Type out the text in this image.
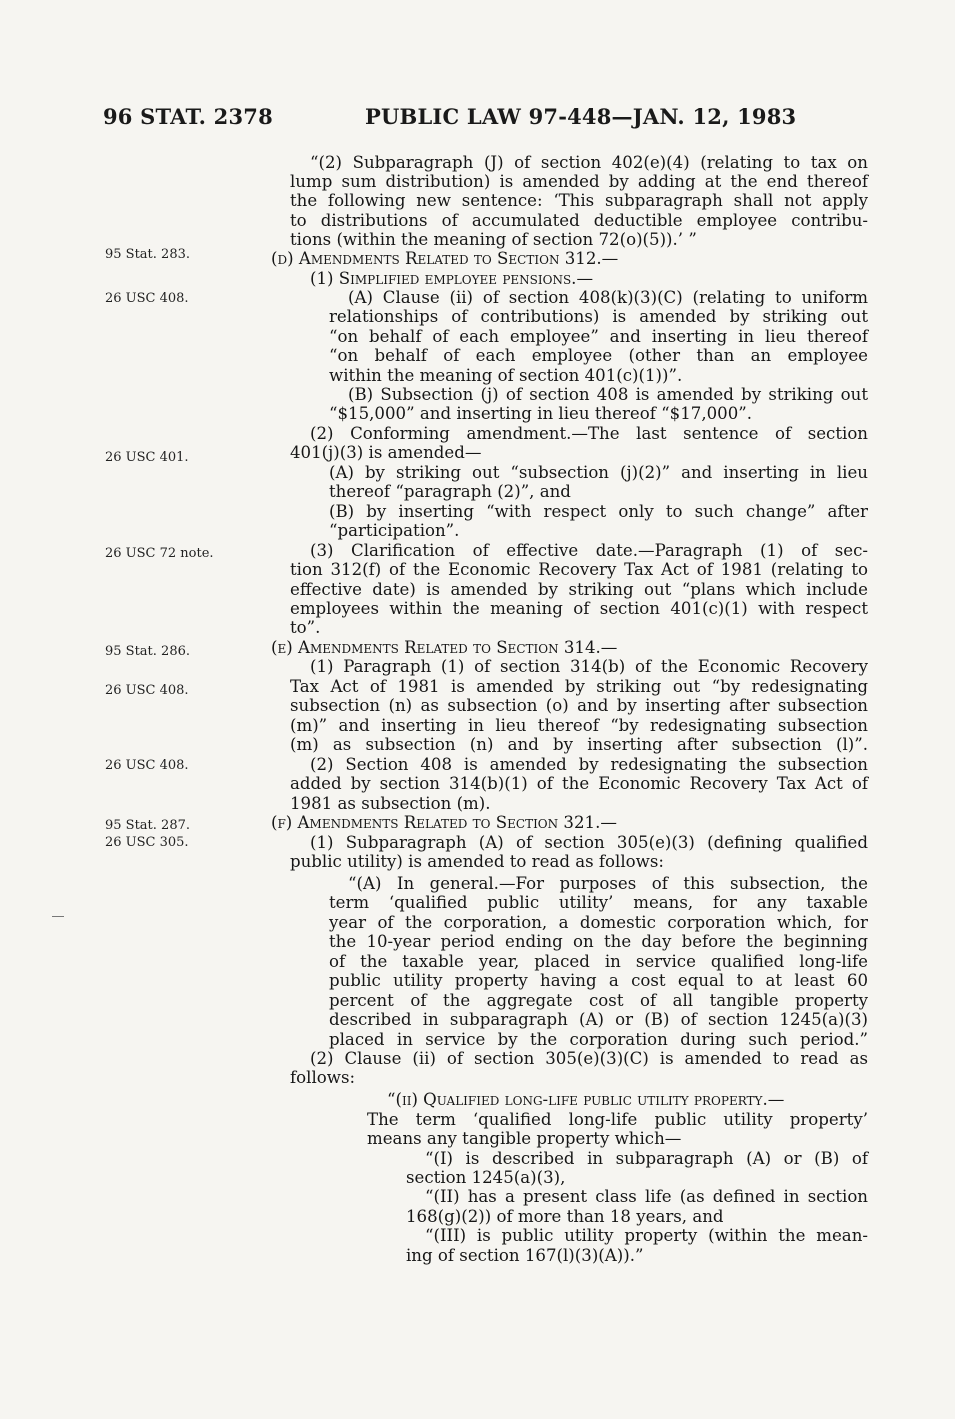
96 STAT. 2378	PUBLIC LAW 97-448—JAN. 12, 1983
95 Stat. 283.
26 USC 408.
26 USC 401.
26 USC 72 note.
95 Stat. 286.
26 USC 408.
26 USC 408.
95 Stat. 287.
26 USC 305.
“(2) Subparagraph (J) of section 402(e)(4) (relating to tax on
lump sum distribution) is amended by adding at the end thereof
the following new sentence: ‘This subparagraph shall not apply
to distributions of accumulated deductible employee contribu-
tions (within the meaning of section 72(o)(5)).’ ”
(d) Amendments Related to Section 312.—
(1) Simplified employee pensions.—
(A) Clause (ii) of section 408(k)(3)(C) (relating to uniform
relationships of contributions) is amended by striking out
“on behalf of each employee” and inserting in lieu thereof
“on behalf of each employee (other than an employee
within the meaning of section 401(c)(1))”.
(B) Subsection (j) of section 408 is amended by striking out
“$15,000” and inserting in lieu thereof “$17,000”.
(2) Conforming amendment.—The last sentence of section
401(j)(3) is amended—
(A) by striking out “subsection (j)(2)” and inserting in lieu
thereof “paragraph (2)”, and
(B) by inserting “with respect only to such change” after
“participation”.
(3) Clarification of effective date.—Paragraph (1) of sec-
tion 312(f) of the Economic Recovery Tax Act of 1981 (relating to
effective date) is amended by striking out “plans which include
employees within the meaning of section 401(c)(1) with respect
to”.
(e) Amendments Related to Section 314.—
(1) Paragraph (1) of section 314(b) of the Economic Recovery
Tax Act of 1981 is amended by striking out “by redesignating
subsection (n) as subsection (o) and by inserting after subsection
(m)” and inserting in lieu thereof “by redesignating subsection
(m) as subsection (n) and by inserting after subsection (l)”.
(2) Section 408 is amended by redesignating the subsection
added by section 314(b)(1) of the Economic Recovery Tax Act of
1981 as subsection (m).
(f) Amendments Related to Section 321.—
(1) Subparagraph (A) of section 305(e)(3) (defining qualified
public utility) is amended to read as follows:
“(A) In general.—For purposes of this subsection, the
term ‘qualified public utility’ means, for any taxable
year of the corporation, a domestic corporation which, for
the 10-year period ending on the day before the beginning
of the taxable year, placed in service qualified long-life
public utility property having a cost equal to at least 60
percent of the aggregate cost of all tangible property
described in subparagraph (A) or (B) of section 1245(a)(3)
placed in service by the corporation during such period.”
(2) Clause (ii) of section 305(e)(3)(C) is amended to read as
follows:
“(ii) Qualified long-life public utility property.—
The term ‘qualified long-life public utility property’
means any tangible property which—
“(I) is described in subparagraph (A) or (B) of
section 1245(a)(3),
“(II) has a present class life (as defined in section
168(g)(2)) of more than 18 years, and
“(III) is public utility property (within the mean-
ing of section 167(l)(3)(A)).”
